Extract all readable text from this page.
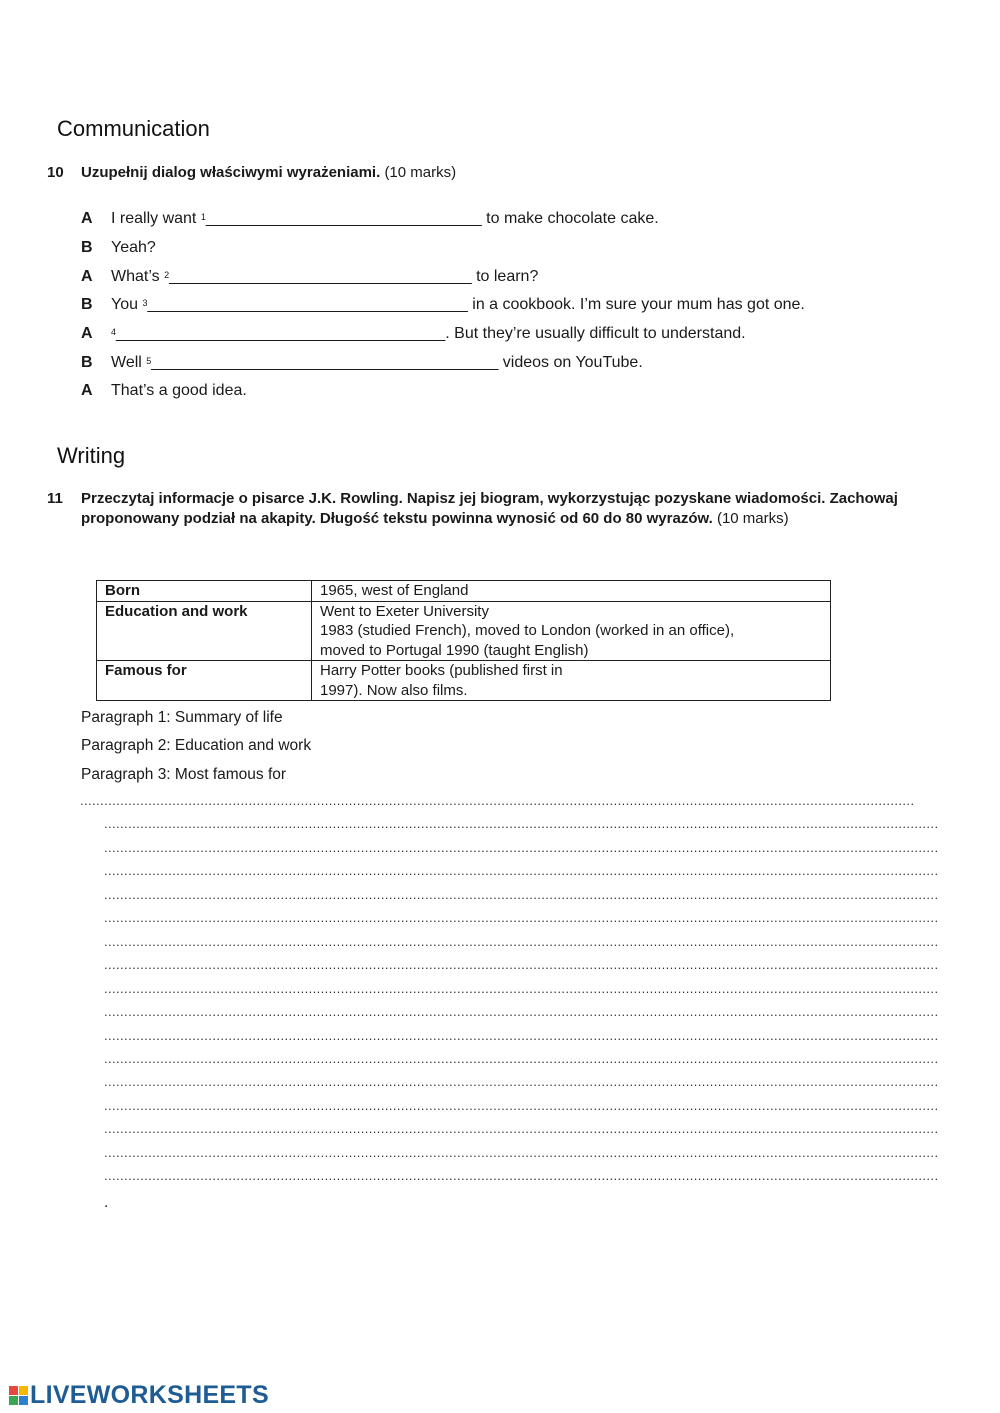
Communication
10	Uzupełnij dialog właściwymi wyrażeniami. (10 marks)
A	I really want $^1$_______________________________ to make chocolate cake.
B	Yeah?
A	What’s $^2$__________________________________ to learn?
B	You $^3$____________________________________ in a cookbook. I’m sure your mum has got one.
A	$^4$_____________________________________. But they’re usually difficult to understand.
B	Well $^5$_______________________________________ videos on YouTube.
A	That’s a good idea.
Writing
11	Przeczytaj informacje o pisarce J.K. Rowling. Napisz jej biogram, wykorzystując pozyskane wiadomości. Zachowaj proponowany podział na akapity. Długość tekstu powinna wynosić od 60 do 80 wyrazów. (10 marks)
Born	1965, west of England

Education and work	Went to Exeter University
1983 (studied French), moved to London (worked in an office),
moved to Portugal 1990 (taught English)

Famous for	Harry Potter books (published first in
1997). Now also films.
Paragraph 1: Summary of life
Paragraph 2: Education and work
Paragraph 3: Most famous for
................................................................................................................................................................................................................
................................................................................................................................................................................................................
................................................................................................................................................................................................................
................................................................................................................................................................................................................
................................................................................................................................................................................................................
................................................................................................................................................................................................................
................................................................................................................................................................................................................
................................................................................................................................................................................................................
................................................................................................................................................................................................................
................................................................................................................................................................................................................
................................................................................................................................................................................................................
................................................................................................................................................................................................................
................................................................................................................................................................................................................
................................................................................................................................................................................................................
................................................................................................................................................................................................................
................................................................................................................................................................................................................
................................................................................................................................................................................................................
.
LIVEWORKSHEETS
